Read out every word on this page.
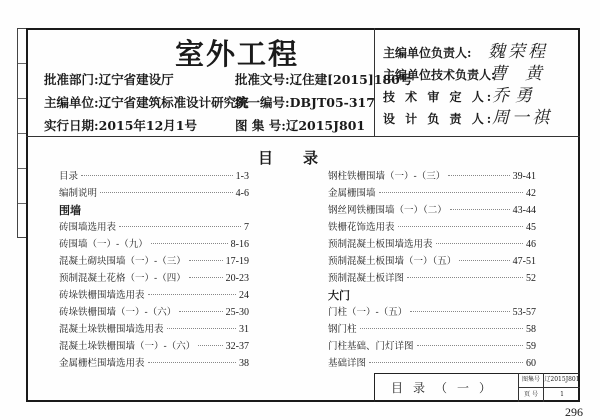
室外工程
批准部门:辽宁省建设厅
主编单位:辽宁省建筑标准设计研究院
实行日期:2015年12月1号
批准文号:辽住建[2015]180号
统一编号:DBJT05-317
图 集 号:辽2015J801
主编单位负责人: 魏荣程
主编单位技术负责人:
曹黄
技 术 审 定 人:
乔勇
设 计 负 责 人:
周一祺
目录
目录	1-3
编制说明	4-6
围墙
砖围墙选用表	7
砖围墙（一）-（九）	8-16
混凝土砌块围墙（一）-（三）	17-19
预制混凝土花格（一）-（四）	20-23
砖垛铁栅围墙选用表	24
砖垛铁栅围墙（一）-（六）	25-30
混凝土垛铁栅围墙选用表	31
混凝土垛铁栅围墙（一）-（六）	32-37
金属栅栏围墙选用表	38
钢柱铁栅围墙（一）-（三）	39-41
金属栅围墙	42
钢丝网铁栅围墙（一）（二）	43-44
铁栅花饰选用表	45
预制混凝土板围墙选用表	46
预制混凝土板围墙（一）（五）	47-51
预制混凝土板详图	52
大门
门柱（一）-（五）	53-57
钢门柱	58
门柱基础、门灯详图	59
基础详图	60
目录（一）
图集号 辽2015J801
页 号	1
296
